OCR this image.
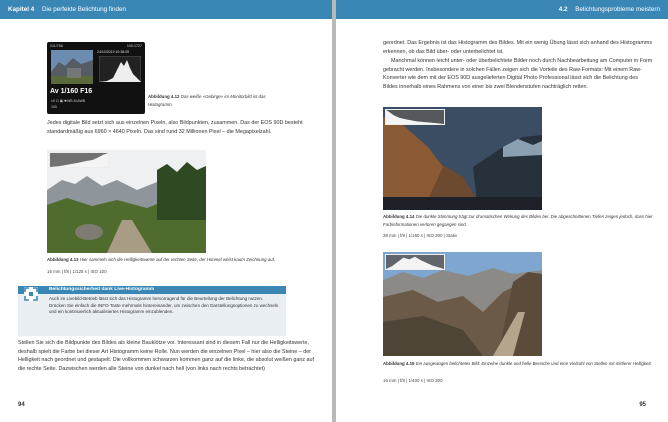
Kapitel 4 Die perfekte Belichtung finden
211/788	100-1727
24/10/2019 10:38:05
Av 1/160 F16
±0 ⊡ ▣ ✸WB M AWB
100
Abbildung 4.12 Das weiße »Gebirge« im Monitorbild ist das Histogramm.

Jedes digitale Bild setzt sich aus einzelnen Pixeln, also Bildpunkten, zusammen. Das der EOS 90D besteht standardmäßig aus 6960 × 4640 Pixeln. Das sind rund 32 Millionen Pixel – die Megapixelzahl.

Abbildung 4.13 Hier sammeln sich die Helligkeitswerte auf der rechten Seite, der Himmel weist kaum Zeichnung auf.
16 mm | f/8 | 1/125 s | ISO 100
Belichtungssicherheit dank Live-Histogramm
Auch im Livebild-Betrieb lässt sich das Histogramm hervorragend für die Beurteilung der Belichtung nutzen. Drücken Sie einfach die INFO-Taste mehrmals hintereinander, um zwischen den Darstellungsoptionen zu wechseln und ein kontinuierlich aktualisiertes Histogramm einzublenden.

Stellen Sie sich die Bildpunkte des Bildes als kleine Bauklötze vor. Interessant sind in diesem Fall nur die Helligkeitswerte, deshalb spielt die Farbe bei dieser Art Histogramm keine Rolle. Nun werden die einzelnen Pixel – hier also die Steine – der Helligkeit nach geordnet und gestapelt. Die vollkommen schwarzen kommen ganz auf die linke, die absolut weißen ganz auf die rechte Seite. Dazwischen werden alle Steine von dunkel nach hell (von links nach rechts betrachtet)

94
4.2 Belichtungsprobleme meistern

geordnet. Das Ergebnis ist das Histogramm des Bildes. Mit ein wenig Übung lässt sich anhand des Histogramms erkennen, ob das Bild über- oder unterbelichtet ist.

Manchmal können leicht unter- oder überbelichtete Bilder noch durch Nachbearbeitung am Computer in Form gebracht werden. Insbesondere in solchen Fällen zeigen sich die Vorteile des Raw-Formats: Mit einem Raw-Konverter wie dem mit der EOS 90D ausgelieferten Digital Photo Professional lässt sich die Belichtung des Bildes innerhalb eines Rahmens von einer bis zwei Blendenstufen nachträglich retten.

Abbildung 4.14 Die dunkle Stimmung trägt zur dramatischen Wirkung des Bildes bei. Die abgeschnittenen Tiefen zeigen jedoch, dass hier Farbinformationen verloren gegangen sind.
38 mm | f/8 | 1/160 s | ISO 200 | Stativ
Abbildung 4.15 Ein ausgewogen belichtetes Bild: Einzelne dunkle und helle Bereiche und eine Vielzahl von Stellen mit mittlerer Helligkeit.
16 mm | f/8 | 1/400 s | ISO 200
95
